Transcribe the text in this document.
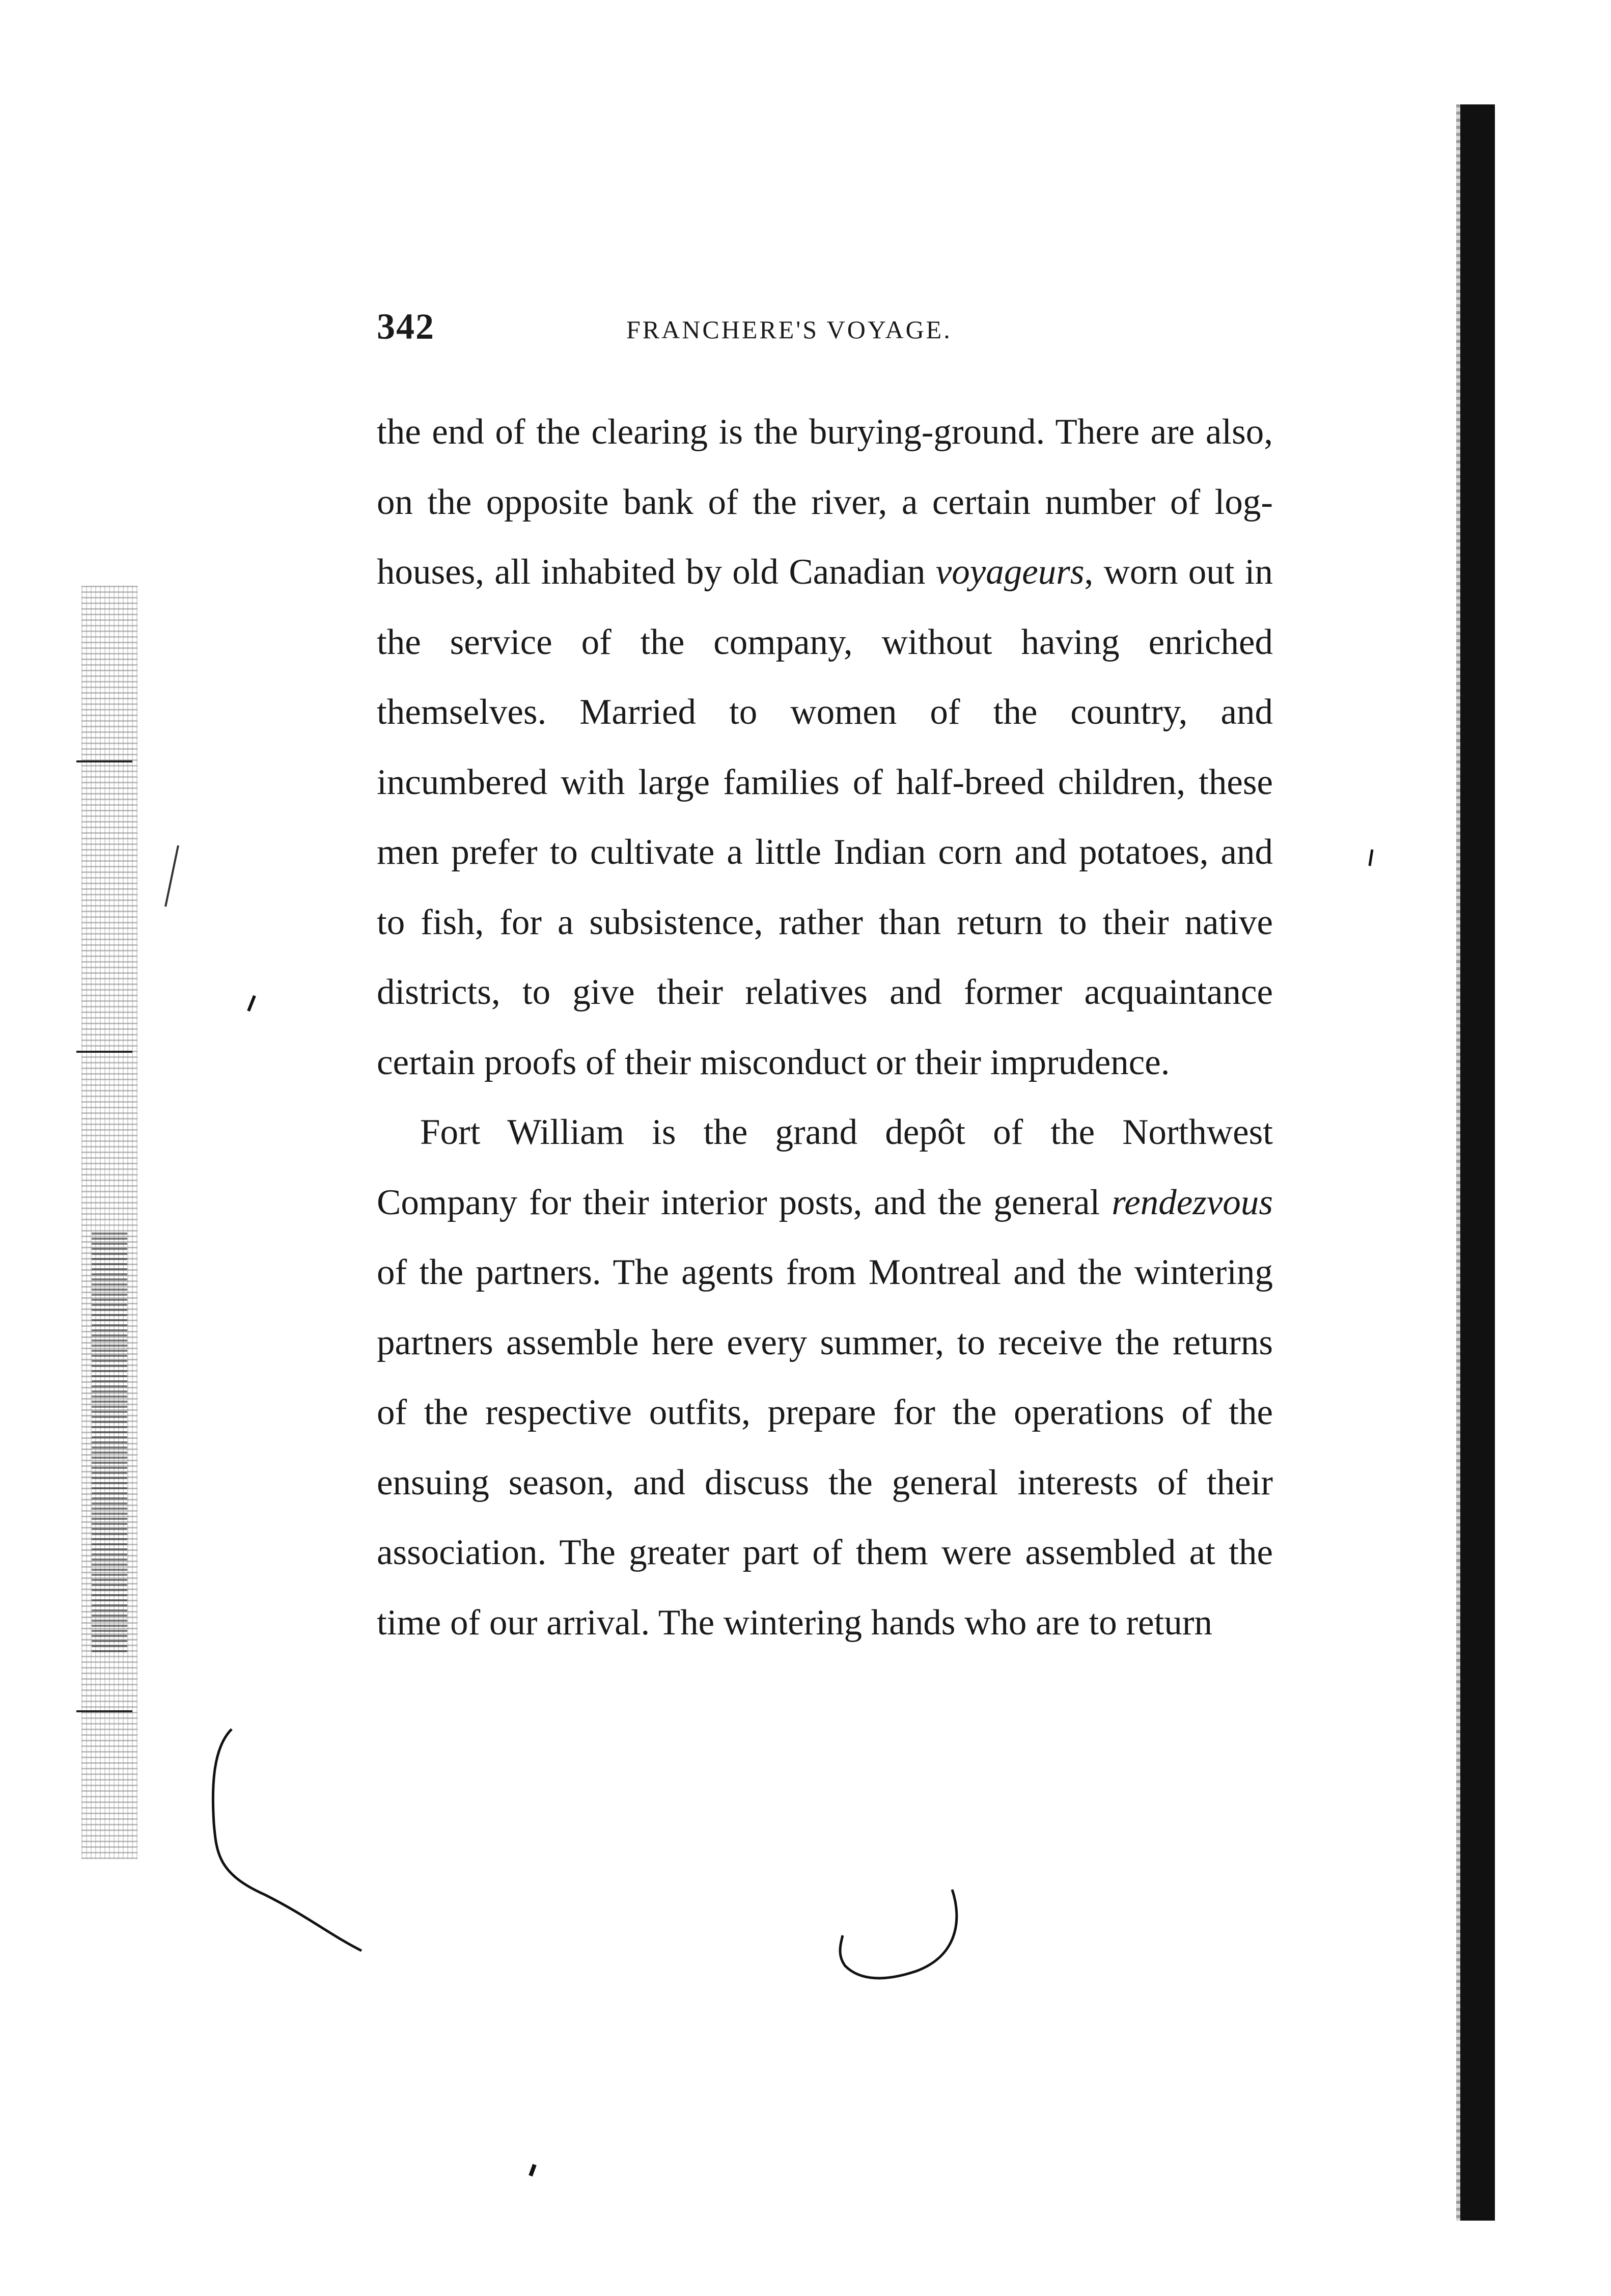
342	FRANCHERE'S VOYAGE.

the end of the clearing is the burying-ground. There are also, on the opposite bank of the river, a certain number of log-houses, all inhabited by old Canadian voyageurs, worn out in the service of the company, without having enriched themselves. Married to women of the country, and incumbered with large families of half-breed children, these men prefer to cultivate a little Indian corn and potatoes, and to fish, for a subsistence, rather than return to their native districts, to give their relatives and former acquaintance certain proofs of their misconduct or their imprudence.

Fort William is the grand depôt of the Northwest Company for their interior posts, and the general rendezvous of the partners. The agents from Montreal and the wintering partners assemble here every summer, to receive the returns of the respective outfits, prepare for the operations of the ensuing season, and discuss the general interests of their association. The greater part of them were assembled at the time of our arrival. The wintering hands who are to return
